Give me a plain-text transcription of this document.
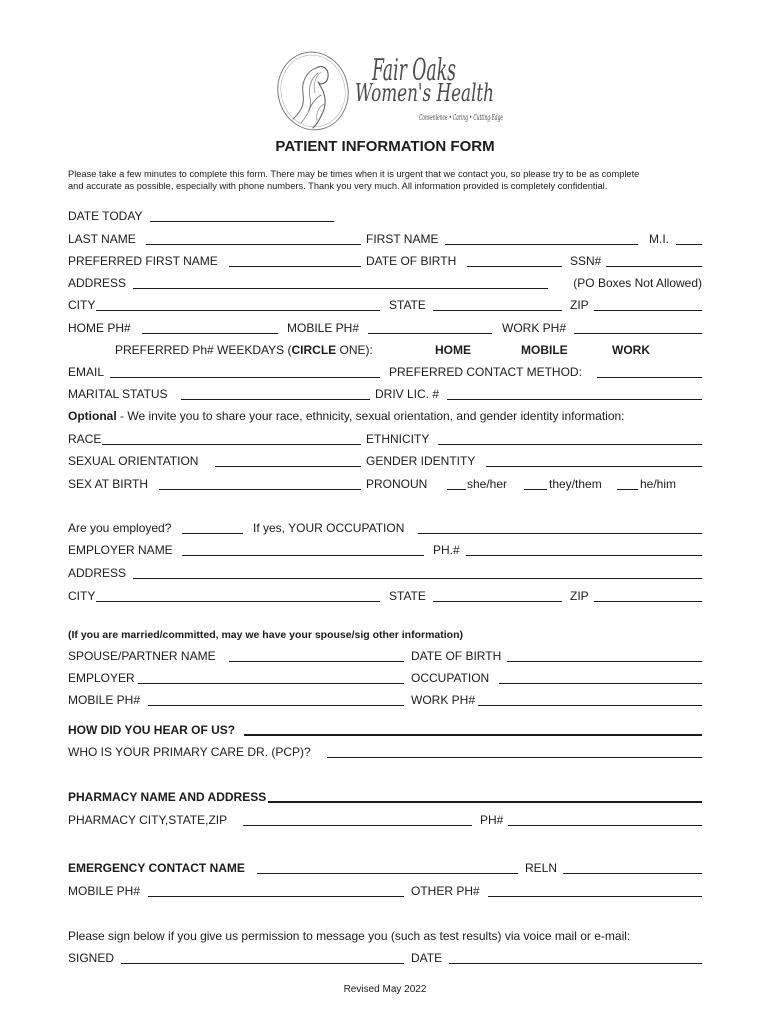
Fair Oaks
Women's Health
Convenience • Caring • Cutting-Edge
PATIENT INFORMATION FORM
Please take a few minutes to complete this form. There may be times when it is urgent that we contact you, so please try to be as complete
and accurate as possible, especially with phone numbers. Thank you very much. All information provided is completely confidential.
DATE TODAY
LAST NAME	FIRST NAME	M.I.
PREFERRED FIRST NAME	DATE OF BIRTH	SSN#
ADDRESS	(PO Boxes Not Allowed)
CITY	STATE	ZIP
HOME PH#	MOBILE PH#	WORK PH#
PREFERRED Ph# WEEKDAYS (CIRCLE ONE):	HOME	MOBILE	WORK
EMAIL	PREFERRED CONTACT METHOD:
MARITAL STATUS	DRIV LIC. #
Optional - We invite you to share your race, ethnicity, sexual orientation, and gender identity information:
RACE	ETHNICITY
SEXUAL ORIENTATION	GENDER IDENTITY
SEX AT BIRTH	PRONOUN	she/her	they/them	he/him
Are you employed?	If yes, YOUR OCCUPATION
EMPLOYER NAME	PH.#
ADDRESS
CITY	STATE	ZIP
(If you are married/committed, may we have your spouse/sig other information)
SPOUSE/PARTNER NAME	DATE OF BIRTH
EMPLOYER	OCCUPATION
MOBILE PH#	WORK PH#
HOW DID YOU HEAR OF US?
WHO IS YOUR PRIMARY CARE DR. (PCP)?
PHARMACY NAME AND ADDRESS
PHARMACY CITY,STATE,ZIP	PH#
EMERGENCY CONTACT NAME	RELN
MOBILE PH#	OTHER PH#
Please sign below if you give us permission to message you (such as test results) via voice mail or e-mail:
SIGNED	DATE
Revised May 2022
